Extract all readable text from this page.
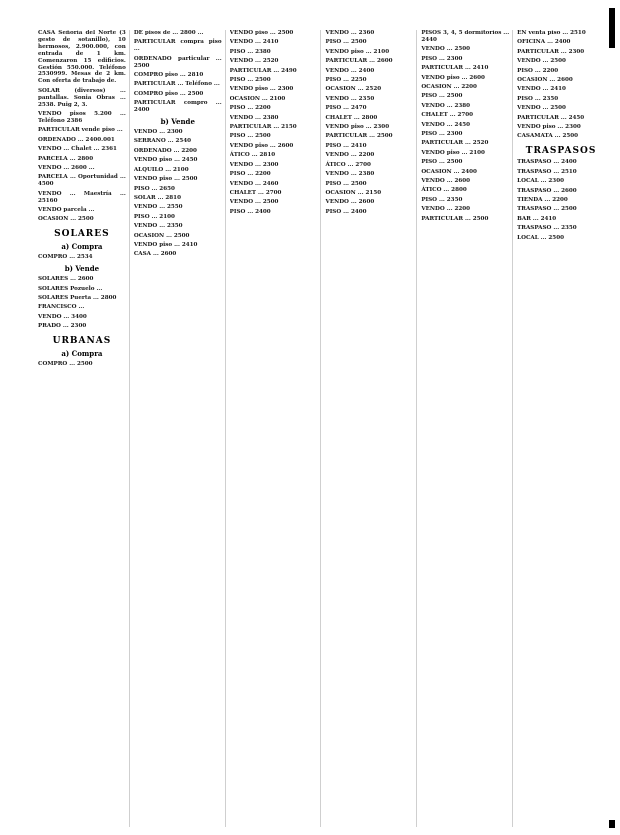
CASA Señoría del Norte (3 gesto de sotanillo), 10 hermosos, 2.900.000, con entrada de 1 km. Comenzaron 15 edificios. Gestión 550.000. Teléfono 2530999. Mesas de 2 km. Con oferta de trabajo de.
SOLAR (diversos) ... pantallas. Sonia Obras ... 2538. Puig 2, 3.
VENDO pisos 5.200 ... Teléfono 2386
PARTICULAR vende piso ...
ORDENADO ... 2400.001
VENDO ... Chalet ... 2361
PARCELA ... 2800
VENDO ... 2600 ...
PARCELA ... Oportunidad ... 4500
VENDO ... Maestría ... 25160
VENDO parcela ...
OCASION ... 2500
SOLARES
a) Compra
COMPRO ... 2534
b) Vende
SOLARES ... 2600
SOLARES Pozuelo ...
SOLARES Puerta ... 2800
FRANCISCO ...
VENDO ... 3400
PRADO ... 2300
URBANAS
a) Compra
COMPRO ... 2500
DE pisos de ... 2800 ...
PARTICULAR compra piso ...
ORDENADO particular ... 2500
COMPRO piso ... 2810
PARTICULAR ... Teléfono ...
COMPRO piso ... 2500
PARTICULAR compro ... 2400
b) Vende
VENDO ... 2300
SERRANO ... 2540
ORDENADO ... 2200
VENDO piso ... 2450
ALQUILO ... 2100
VENDO piso ... 2500
PISO ... 2650
SOLAR ... 2810
VENDO ... 2550
PISO ... 2100
VENDO ... 2350
OCASION ... 2500
VENDO piso ... 2410
CASA ... 2600
VENDO piso ... 2500
VENDO ... 2410
PISO ... 2380
VENDO ... 2520
PARTICULAR ... 2490
PISO ... 2500
VENDO piso ... 2300
OCASION ... 2100
PISO ... 2200
VENDO ... 2380
PARTICULAR ... 2150
PISO ... 2500
VENDO piso ... 2600
ÁTICO ... 2810
VENDO ... 2300
PISO ... 2200
VENDO ... 2460
CHALET ... 2700
VENDO ... 2500
PISO ... 2400
VENDO ... 2360
PISO ... 2500
VENDO piso ... 2100
PARTICULAR ... 2600
VENDO ... 2400
PISO ... 2250
OCASION ... 2520
VENDO ... 2350
PISO ... 2470
CHALET ... 2800
VENDO piso ... 2300
PARTICULAR ... 2500
PISO ... 2410
VENDO ... 2200
ÁTICO ... 2700
VENDO ... 2380
PISO ... 2500
OCASION ... 2150
VENDO ... 2600
PISO ... 2400
PISOS 3, 4, 5 dormitorios ... 2440
VENDO ... 2500
PISO ... 2300
PARTICULAR ... 2410
VENDO piso ... 2600
OCASION ... 2200
PISO ... 2500
VENDO ... 2380
CHALET ... 2700
VENDO ... 2450
PISO ... 2300
PARTICULAR ... 2520
VENDO piso ... 2100
PISO ... 2500
OCASION ... 2400
VENDO ... 2600
ÁTICO ... 2800
PISO ... 2350
VENDO ... 2200
PARTICULAR ... 2500
EN venta piso ... 2510
OFICINA ... 2400
PARTICULAR ... 2300
VENDO ... 2500
PISO ... 2200
OCASION ... 2600
VENDO ... 2410
PISO ... 2350
VENDO ... 2500
PARTICULAR ... 2450
VENDO piso ... 2300
CASAMATA ... 2500
TRASPASOS
TRASPASO ... 2400
TRASPASO ... 2510
LOCAL ... 2300
TRASPASO ... 2600
TIENDA ... 2200
TRASPASO ... 2500
BAR ... 2410
TRASPASO ... 2350
LOCAL ... 2500
